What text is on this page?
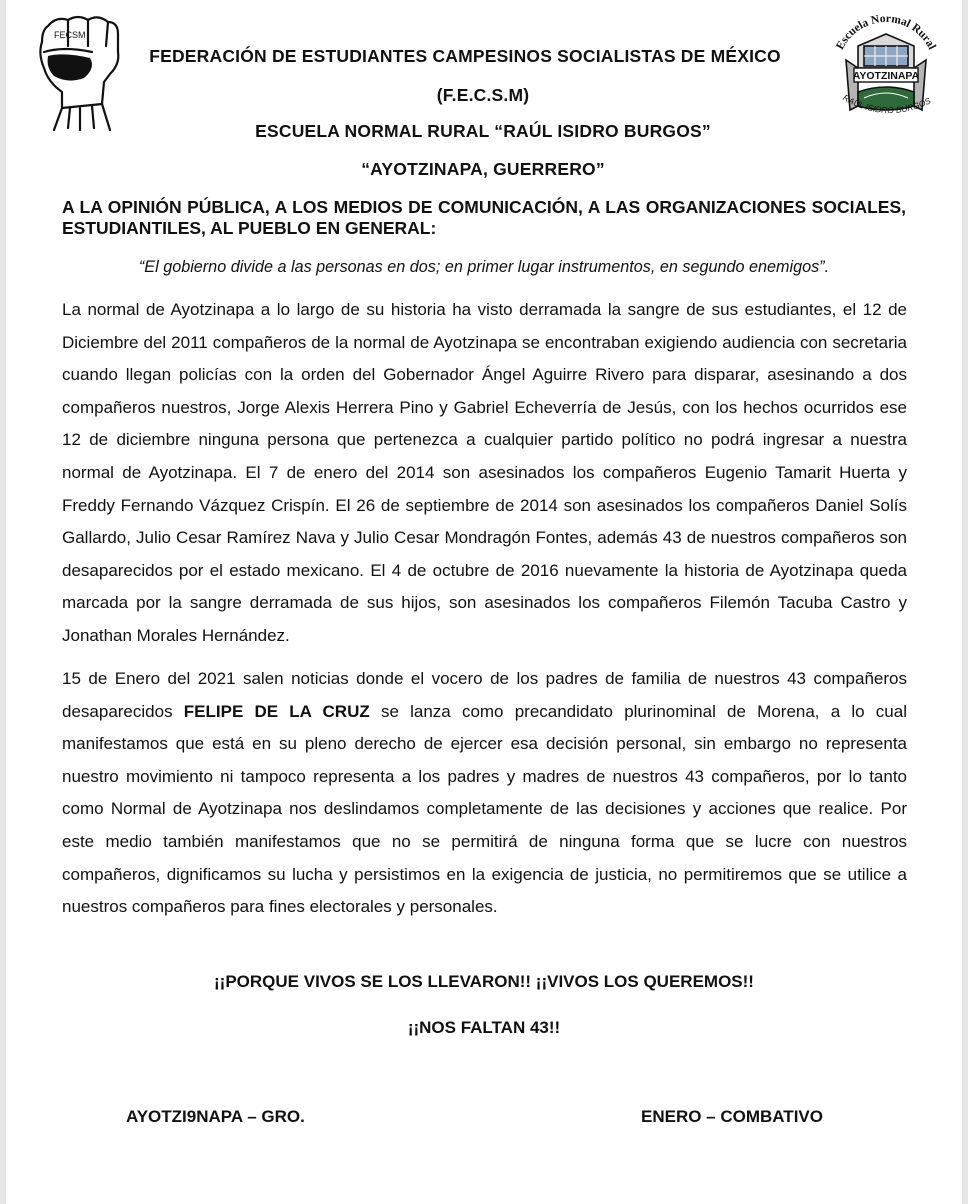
FECSM
Escuela Normal Rural
AYOTZINAPA
RAÚL ISIDRO BURGOS
FEDERACIÓN DE ESTUDIANTES CAMPESINOS SOCIALISTAS DE MÉXICO
(F.E.C.S.M)
ESCUELA NORMAL RURAL “RAÚL ISIDRO BURGOS”
“AYOTZINAPA, GUERRERO”
A LA OPINIÓN PÚBLICA, A LOS MEDIOS DE COMUNICACIÓN, A LAS ORGANIZACIONES SOCIALES, ESTUDIANTILES, AL PUEBLO EN GENERAL:
“El gobierno divide a las personas en dos; en primer lugar instrumentos, en segundo enemigos”.
La normal de Ayotzinapa a lo largo de su historia ha visto derramada la sangre de sus estudiantes, el 12 de Diciembre del 2011 compañeros de la normal de Ayotzinapa se encontraban exigiendo audiencia con secretaria cuando llegan policías con la orden del Gobernador Ángel Aguirre Rivero para disparar, asesinando a dos compañeros nuestros, Jorge Alexis Herrera Pino y Gabriel Echeverría de Jesús, con los hechos ocurridos ese 12 de diciembre ninguna persona que pertenezca a cualquier partido político no podrá ingresar a nuestra normal de Ayotzinapa. El 7 de enero del 2014 son asesinados los compañeros Eugenio Tamarit Huerta y Freddy Fernando Vázquez Crispín. El 26 de septiembre de 2014 son asesinados los compañeros Daniel Solís Gallardo, Julio Cesar Ramírez Nava y Julio Cesar Mondragón Fontes, además 43 de nuestros compañeros son desaparecidos por el estado mexicano. El 4 de octubre de 2016 nuevamente la historia de Ayotzinapa queda marcada por la sangre derramada de sus hijos, son asesinados los compañeros Filemón Tacuba Castro y Jonathan Morales Hernández.
15 de Enero del 2021 salen noticias donde el vocero de los padres de familia de nuestros 43 compañeros desaparecidos FELIPE DE LA CRUZ se lanza como precandidato plurinominal de Morena, a lo cual manifestamos que está en su pleno derecho de ejercer esa decisión personal, sin embargo no representa nuestro movimiento ni tampoco representa a los padres y madres de nuestros 43 compañeros, por lo tanto como Normal de Ayotzinapa nos deslindamos completamente de las decisiones y acciones que realice. Por este medio también manifestamos que no se permitirá de ninguna forma que se lucre con nuestros compañeros, dignificamos su lucha y persistimos en la exigencia de justicia, no permitiremos que se utilice a nuestros compañeros para fines electorales y personales.
¡¡PORQUE VIVOS SE LOS LLEVARON!! ¡¡VIVOS LOS QUEREMOS!!
¡¡NOS FALTAN 43!!
AYOTZI9NAPA – GRO.	ENERO – COMBATIVO
